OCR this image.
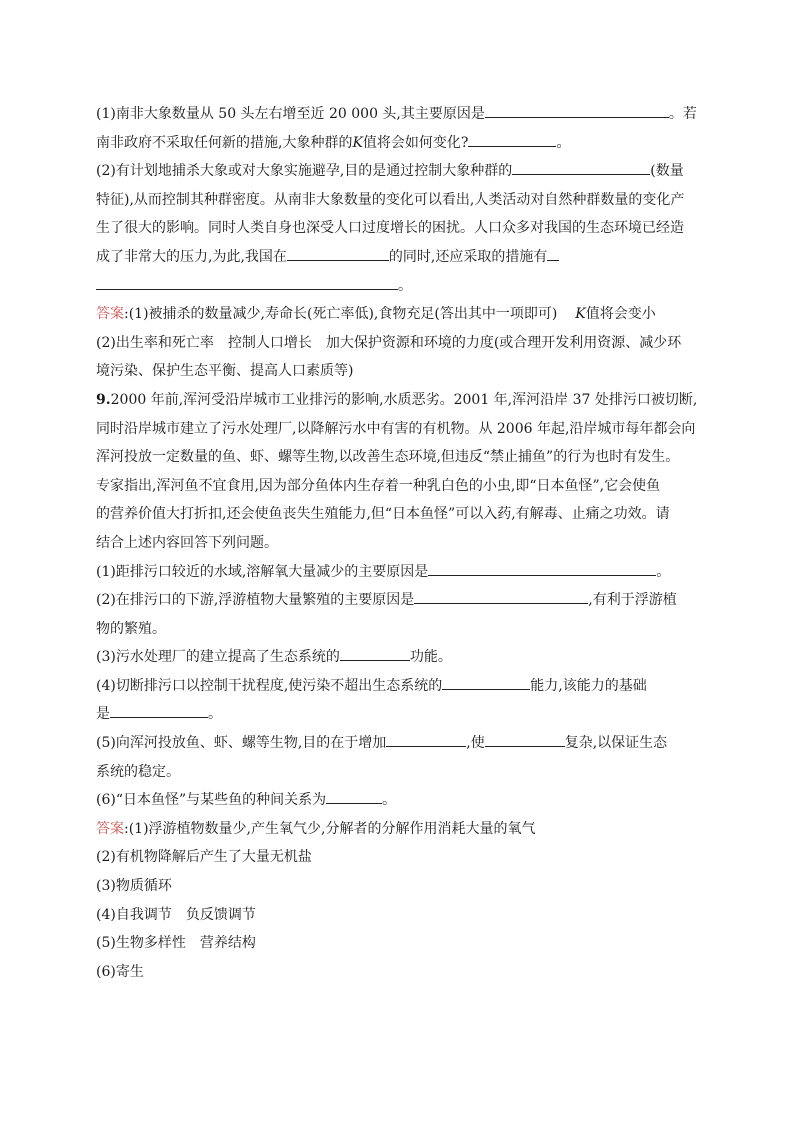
(1)南非大象数量从 50 头左右增至近 20 000 头,其主要原因是	。若
南非政府不采取任何新的措施,大象种群的K值将会如何变化?	。
(2)有计划地捕杀大象或对大象实施避孕,目的是通过控制大象种群的	(数量
特征),从而控制其种群密度。从南非大象数量的变化可以看出,人类活动对自然种群数量的变化产
生了很大的影响。同时人类自身也深受人口过度增长的困扰。人口众多对我国的生态环境已经造
成了非常大的压力,为此,我国在	的同时,还应采取的措施有
。
答案:(1)被捕杀的数量减少,寿命长(死亡率低),食物充足(答出其中一项即可) K值将会变小
(2)出生率和死亡率　控制人口增长　加大保护资源和环境的力度(或合理开发利用资源、减少环
境污染、保护生态平衡、提高人口素质等)
9.2000 年前,浑河受沿岸城市工业排污的影响,水质恶劣。2001 年,浑河沿岸 37 处排污口被切断,
同时沿岸城市建立了污水处理厂,以降解污水中有害的有机物。从 2006 年起,沿岸城市每年都会向
浑河投放一定数量的鱼、虾、螺等生物,以改善生态环境,但违反“禁止捕鱼”的行为也时有发生。
专家指出,浑河鱼不宜食用,因为部分鱼体内生存着一种乳白色的小虫,即“日本鱼怪”,它会使鱼
的营养价值大打折扣,还会使鱼丧失生殖能力,但“日本鱼怪”可以入药,有解毒、止痛之功效。请
结合上述内容回答下列问题。
(1)距排污口较近的水域,溶解氧大量减少的主要原因是	。
(2)在排污口的下游,浮游植物大量繁殖的主要原因是	,有利于浮游植
物的繁殖。
(3)污水处理厂的建立提高了生态系统的	功能。
(4)切断排污口以控制干扰程度,使污染不超出生态系统的	能力,该能力的基础
是	。
(5)向浑河投放鱼、虾、螺等生物,目的在于增加	,使	复杂,以保证生态
系统的稳定。
(6)“日本鱼怪”与某些鱼的种间关系为	。
答案:(1)浮游植物数量少,产生氧气少,分解者的分解作用消耗大量的氧气
(2)有机物降解后产生了大量无机盐
(3)物质循环
(4)自我调节　负反馈调节
(5)生物多样性　营养结构
(6)寄生
